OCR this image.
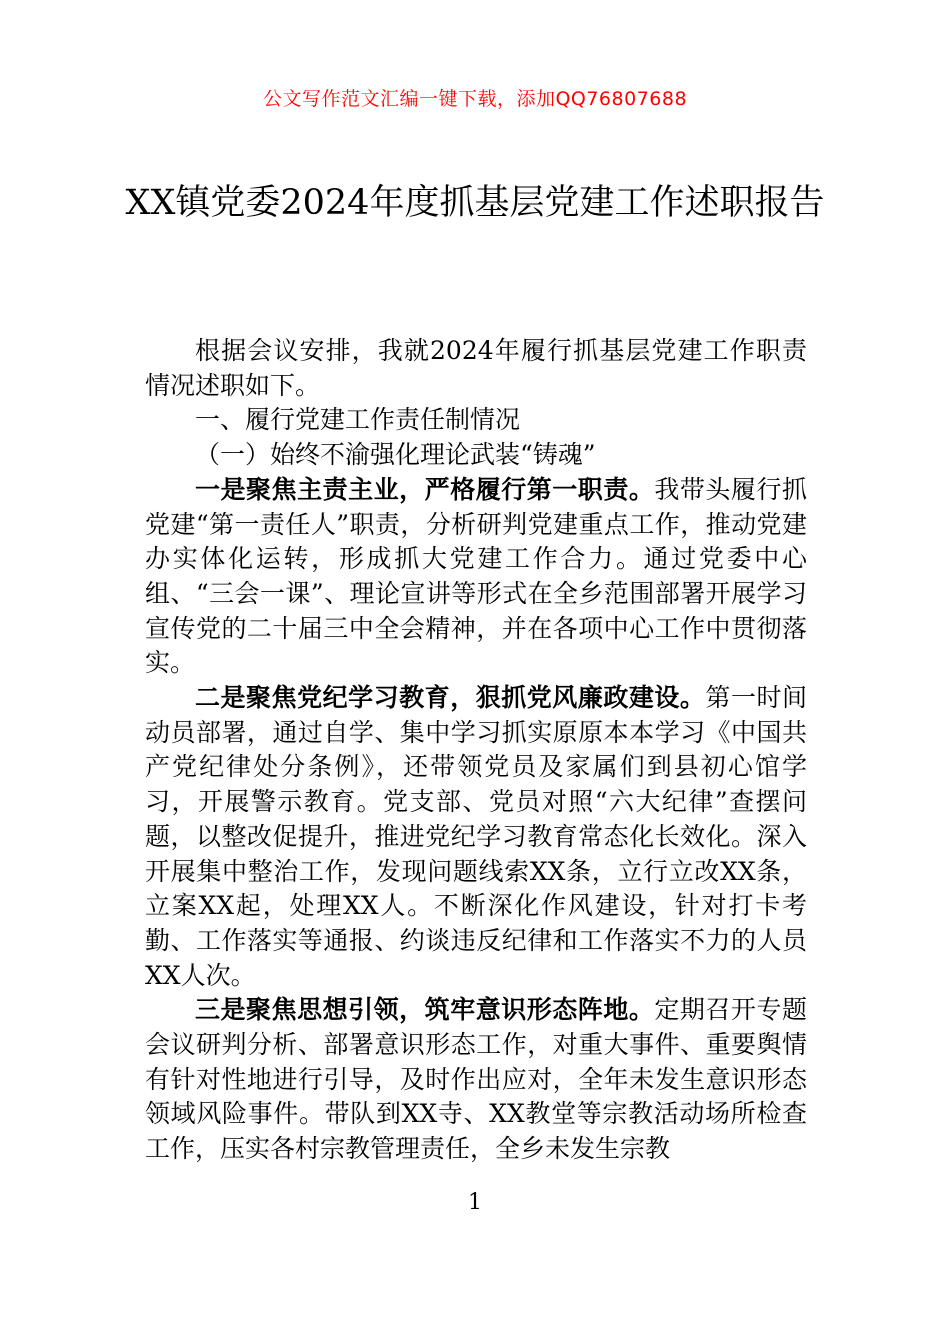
公文写作范文汇编一键下载，添加QQ76807688
XX镇党委2024年度抓基层党建工作述职报告

根据会议安排，我就2024年履行抓基层党建工作职责情况述职如下。

一、履行党建工作责任制情况

（一）始终不渝强化理论武装“铸魂”

一是聚焦主责主业，严格履行第一职责。我带头履行抓党建“第一责任人”职责，分析研判党建重点工作，推动党建办实体化运转，形成抓大党建工作合力。通过党委中心组、“三会一课”、理论宣讲等形式在全乡范围部署开展学习宣传党的二十届三中全会精神，并在各项中心工作中贯彻落实。

二是聚焦党纪学习教育，狠抓党风廉政建设。第一时间动员部署，通过自学、集中学习抓实原原本本学习《中国共产党纪律处分条例》，还带领党员及家属们到县初心馆学习，开展警示教育。党支部、党员对照“六大纪律”查摆问题，以整改促提升，推进党纪学习教育常态化长效化。深入开展集中整治工作，发现问题线索XX条，立行立改XX条，立案XX起，处理XX人。不断深化作风建设，针对打卡考勤、工作落实等通报、约谈违反纪律和工作落实不力的人员XX人次。

三是聚焦思想引领，筑牢意识形态阵地。定期召开专题会议研判分析、部署意识形态工作，对重大事件、重要舆情有针对性地进行引导，及时作出应对，全年未发生意识形态领域风险事件。带队到XX寺、XX教堂等宗教活动场所检查工作，压实各村宗教管理责任，全乡未发生宗教

1
